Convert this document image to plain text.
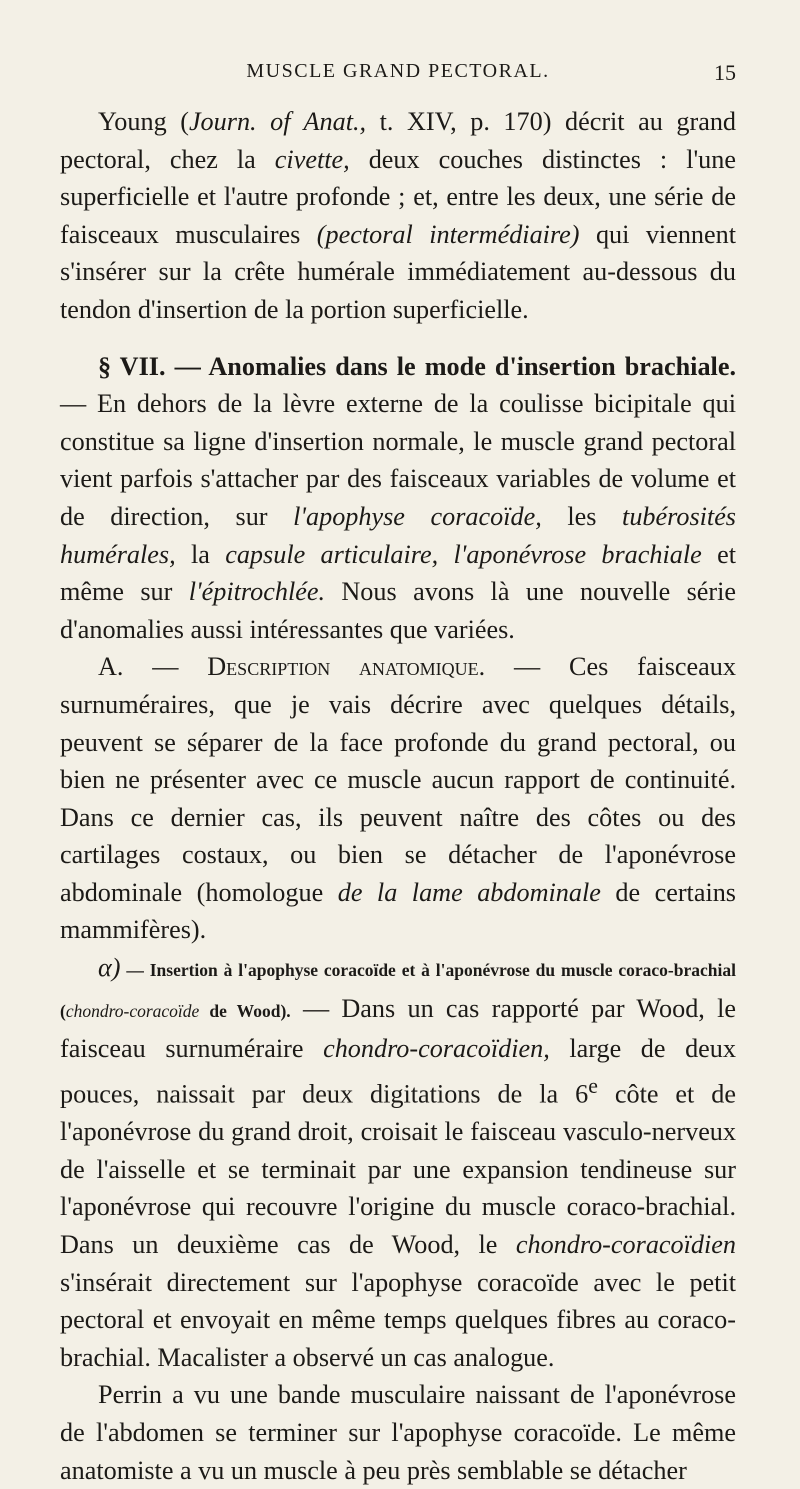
MUSCLE GRAND PECTORAL.	15

Young (Journ. of Anat., t. XIV, p. 170) décrit au grand pectoral, chez la civette, deux couches distinctes : l'une superficielle et l'autre profonde ; et, entre les deux, une série de faisceaux musculaires (pectoral intermédiaire) qui viennent s'insérer sur la crête humérale immédiatement au-dessous du tendon d'insertion de la portion superficielle.

§ VII. — Anomalies dans le mode d'insertion brachiale. — En dehors de la lèvre externe de la coulisse bicipitale qui constitue sa ligne d'insertion normale, le muscle grand pectoral vient parfois s'attacher par des faisceaux variables de volume et de direction, sur l'apophyse coracoïde, les tubérosités humérales, la capsule articulaire, l'aponévrose brachiale et même sur l'épitrochlée. Nous avons là une nouvelle série d'anomalies aussi intéressantes que variées.

A. — Description anatomique. — Ces faisceaux surnuméraires, que je vais décrire avec quelques détails, peuvent se séparer de la face profonde du grand pectoral, ou bien ne présenter avec ce muscle aucun rapport de continuité. Dans ce dernier cas, ils peuvent naître des côtes ou des cartilages costaux, ou bien se détacher de l'aponévrose abdominale (homologue de la lame abdominale de certains mammifères).

α) — Insertion à l'apophyse coracoïde et à l'aponévrose du muscle coraco-brachial (chondro-coracoïde de Wood). — Dans un cas rapporté par Wood, le faisceau surnuméraire chondro-coracoïdien, large de deux pouces, naissait par deux digitations de la 6e côte et de l'aponévrose du grand droit, croisait le faisceau vasculo-nerveux de l'aisselle et se terminait par une expansion tendineuse sur l'aponévrose qui recouvre l'origine du muscle coraco-brachial. Dans un deuxième cas de Wood, le chondro-coracoïdien s'insérait directement sur l'apophyse coracoïde avec le petit pectoral et envoyait en même temps quelques fibres au coraco-brachial. Macalister a observé un cas analogue.

Perrin a vu une bande musculaire naissant de l'aponévrose de l'abdomen se terminer sur l'apophyse coracoïde. Le même anatomiste a vu un muscle à peu près semblable se détacher
